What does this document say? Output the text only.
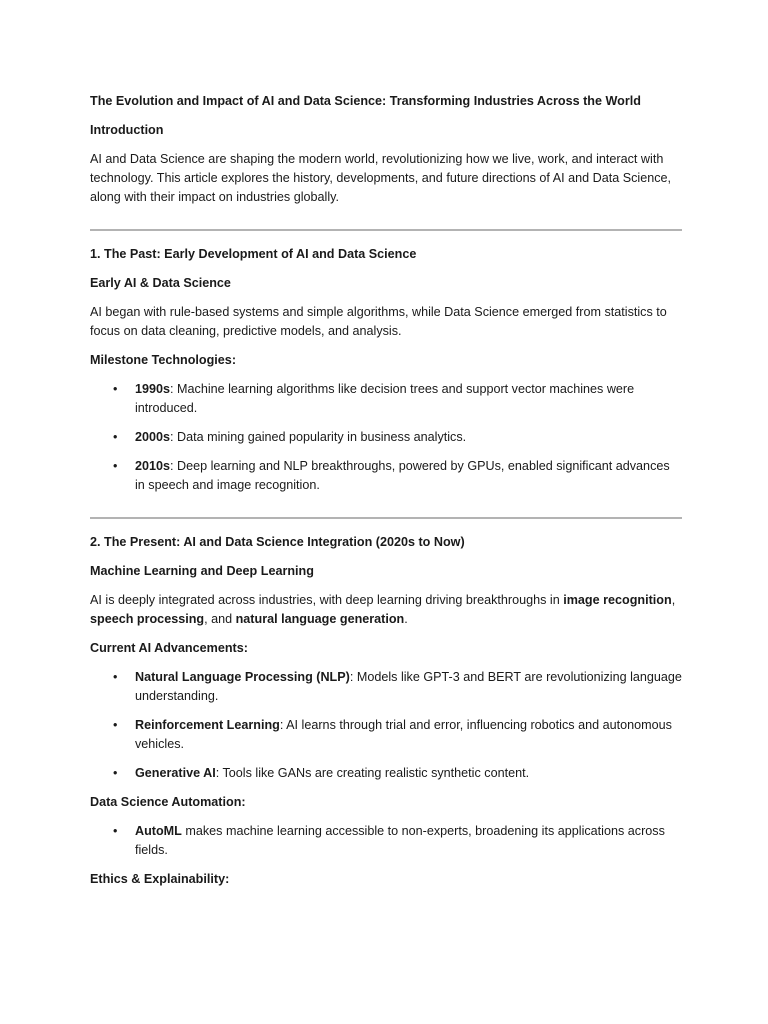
The Evolution and Impact of AI and Data Science: Transforming Industries Across the World
Introduction

AI and Data Science are shaping the modern world, revolutionizing how we live, work, and interact with technology. This article explores the history, developments, and future directions of AI and Data Science, along with their impact on industries globally.

1. The Past: Early Development of AI and Data Science
Early AI & Data Science

AI began with rule-based systems and simple algorithms, while Data Science emerged from statistics to focus on data cleaning, predictive models, and analysis.

Milestone Technologies:
• 1990s: Machine learning algorithms like decision trees and support vector machines were introduced.
• 2000s: Data mining gained popularity in business analytics.
• 2010s: Deep learning and NLP breakthroughs, powered by GPUs, enabled significant advances in speech and image recognition.
2. The Present: AI and Data Science Integration (2020s to Now)
Machine Learning and Deep Learning

AI is deeply integrated across industries, with deep learning driving breakthroughs in image recognition, speech processing, and natural language generation.

Current AI Advancements:
• Natural Language Processing (NLP): Models like GPT-3 and BERT are revolutionizing language understanding.
• Reinforcement Learning: AI learns through trial and error, influencing robotics and autonomous vehicles.
• Generative AI: Tools like GANs are creating realistic synthetic content.
Data Science Automation:
• AutoML makes machine learning accessible to non-experts, broadening its applications across fields.
Ethics & Explainability:
